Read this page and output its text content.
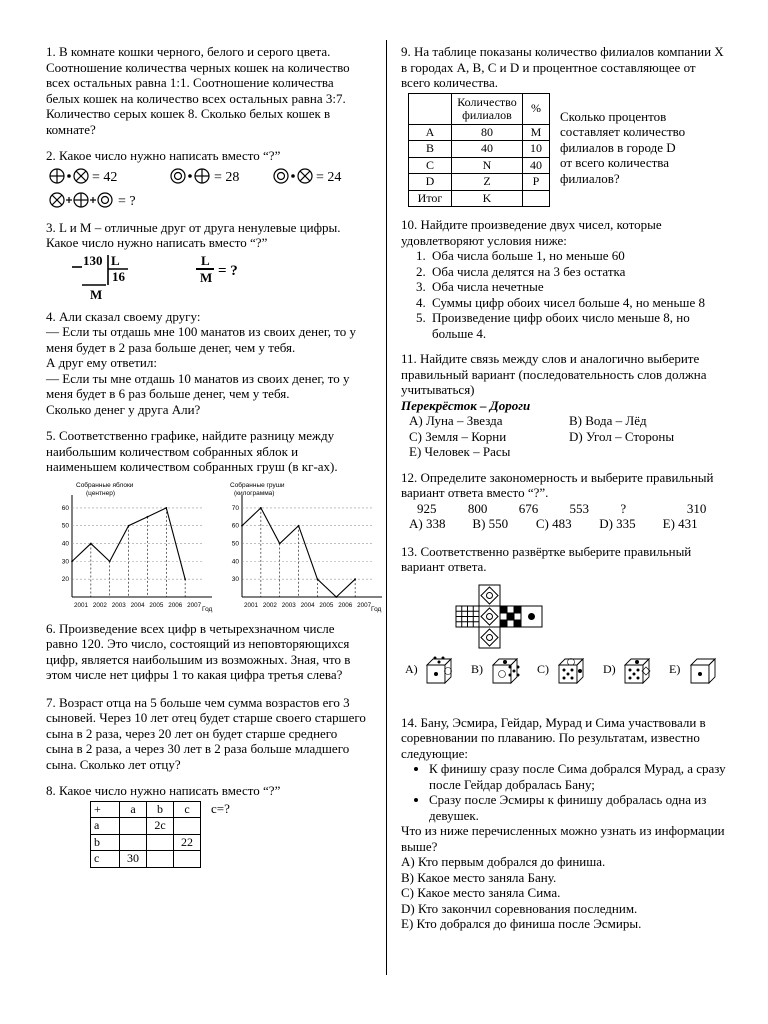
1. В комнате кошки черного, белого и серого цвета. Соотношение количества черных кошек на количество всех остальных равна 1:1. Соотношение количества белых кошек на количество всех остальных равна 3:7. Количество серых кошек 8. Сколько белых кошек в комнате?

2. Какое число нужно написать вместо “?”

= 42	= 28	= 24
= ?

3. L и M – отличные друг от друга ненулевые цифры. Какое число нужно написать вместо “?”

130 L
16
M
L
M = ?

4. Али сказал своему другу:

— Если ты отдашь мне 100 манатов из своих денег, то у меня будет в 2 раза больше денег, чем у тебя.

А друг ему ответил:

— Если ты мне отдашь 10 манатов из своих денег, то у меня будет в 6 раз больше денег, чем у тебя.

Сколько денег у друга Али?

5. Соответственно графике, найдите разницу между наибольшим количеством собранных яблок и наименьшем количеством собранных груш (в кг-ах).

Собранные яблоки
(центнер)
Собранные груши
(килограмма)
Год	Год
20
30
40
50
60
2001 2002 2003 2004 2005 2006 2007
30
40
50
60
70
2001 2002 2003 2004 2005 2006 2007

6. Произведение всех цифр в четырехзначном числе равно 120. Это число, состоящий из неповторяющихся цифр, является наибольшим из возможных. Зная, что в этом числе нет цифры 1 то какая цифра третья слева?

7. Возраст отца на 5 больше чем сумма возрастов его 3 сыновей. Через 10 лет отец будет старше своего старшего сына в 2 раза, через 20 лет он будет старше среднего сына в 2 раза, а через 30 лет в 2 раза больше младшего сына. Сколько лет отцу?

8. Какое число нужно написать вместо “?”

+	a	b	c
a		2c	
b			22
c	30		
c=?

9. На таблице показаны количество филиалов компании X в городах A, B, C и D и процентное составляющее от всего количества.

	Количество филиалов	%
A	80	M
B	40	10
C	N	40
D	Z	P
Итог	K	

Сколько процентов составляет количество филиалов в городе D от всего количества филиалов?

10. Найдите произведение двух чисел, которые удовлетворяют условия ниже:

1. Оба числа больше 1, но меньше 60
2. Оба числа делятся на 3 без остатка
3. Оба числа нечетные
4. Суммы цифр обоих чисел больше 4, но меньше 8
5. Произведение цифр обоих число меньше 8, но больше 4.

11. Найдите связь между слов и аналогично выберите правильный вариант (последовательность слов должна учитываться)

Перекрёсток – Дороги

A) Луна – Звезда	B) Вода – Лёд
C) Земля – Корни	D) Угол – Стороны
E) Человек – Расы

12. Определите закономерность и выберите правильный вариант ответа вместо “?”.

925	800	676	553	?	310
A) 338	B) 550	C) 483	D) 335	E) 431

13. Соответственно развёртке выберите правильный вариант ответа.

A)	B)	C)	D)	E)

14. Бану, Эсмира, Гейдар, Мурад и Сима участвовали в соревновании по плаванию. По результатам, известно следующие:

• К финишу сразу после Сима добрался Мурад, а сразу после Гейдар добралась Бану;
• Сразу после Эсмиры к финишу добралась одна из девушек.

Что из ниже перечисленных можно узнать из информации выше?

A) Кто первым добрался до финиша.
B) Какое место заняла Бану.
C) Какое место заняла Сима.
D) Кто закончил соревнования последним.
E) Кто добрался до финиша после Эсмиры.
